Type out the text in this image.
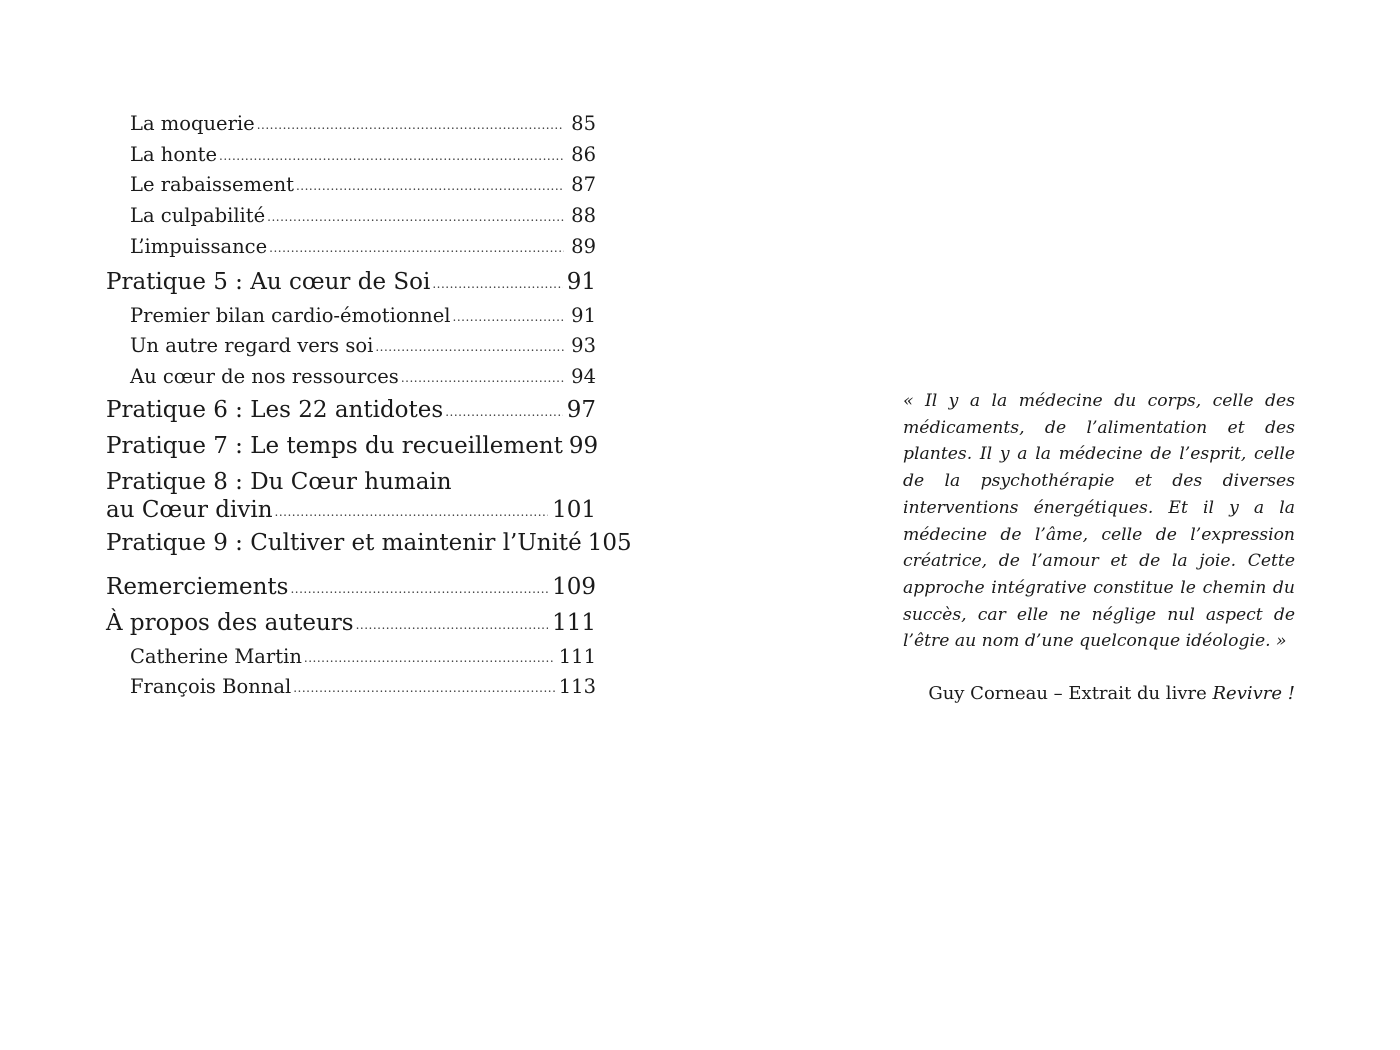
La moquerie .....	85
La honte .....	86
Le rabaissement .....	87
La culpabilité .....	88
L’impuissance .....	89
Pratique 5 : Au cœur de Soi .....	91
Premier bilan cardio-émotionnel .....	91
Un autre regard vers soi .....	93
Au cœur de nos ressources .....	94
Pratique 6 : Les 22 antidotes .....	97
Pratique 7 : Le temps du recueillement 99
Pratique 8 : Du Cœur humain
au Cœur divin .....	101
Pratique 9 : Cultiver et maintenir l’Unité 105
Remerciements .....	109
À propos des auteurs .....	111
Catherine Martin .....	111
François Bonnal .....	113

« Il y a la médecine du corps, celle des médicaments, de l’alimentation et des plantes. Il y a la médecine de l’esprit, celle de la psychothérapie et des diverses interventions énergétiques. Et il y a la médecine de l’âme, celle de l’expression créatrice, de l’amour et de la joie. Cette approche intégrative constitue le chemin du succès, car elle ne néglige nul aspect de l’être au nom d’une quelconque idéologie. »

Guy Corneau – Extrait du livre Revivre !
